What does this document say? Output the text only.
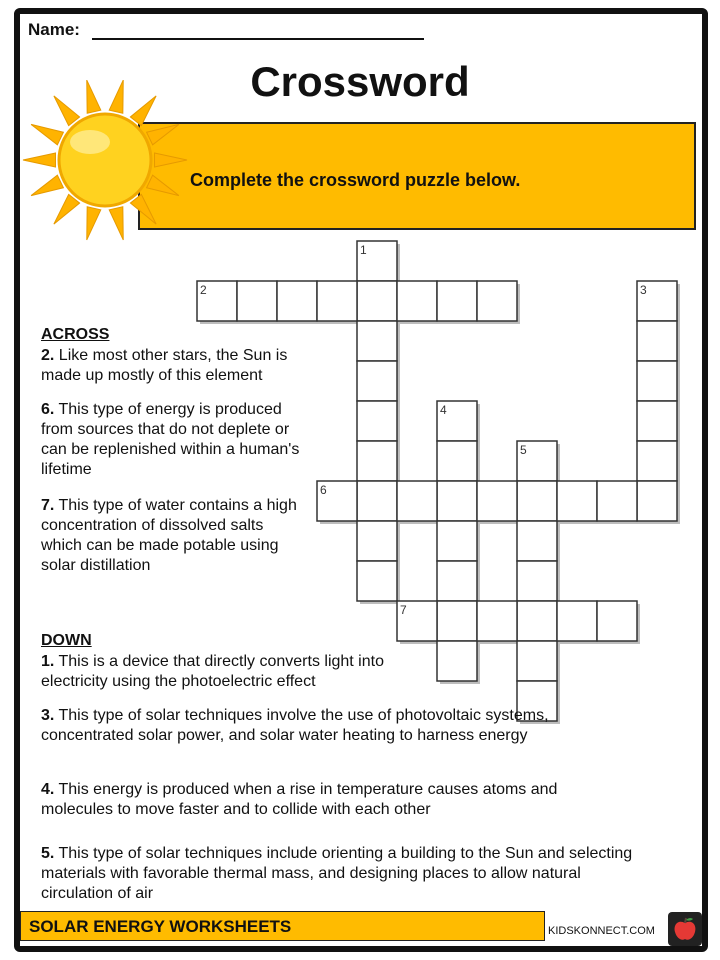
Name:
Crossword
Complete the crossword puzzle below.
1
2	3
4
5
6
7
ACROSS
2. Like most other stars, the Sun is made up mostly of this element
6. This type of energy is produced from sources that do not deplete or can be replenished within a human's lifetime
7. This type of water contains a high concentration of dissolved salts which can be made potable using solar distillation
DOWN
1. This is a device that directly converts light into electricity using the photoelectric effect
3. This type of solar techniques involve the use of photovoltaic systems, concentrated solar power, and solar water heating to harness energy
4. This energy is produced when a rise in temperature causes atoms and molecules to move faster and to collide with each other
5. This type of solar techniques include orienting a building to the Sun and selecting materials with favorable thermal mass, and designing places to allow natural circulation of air
SOLAR ENERGY WORKSHEETS	KIDSKONNECT.COM
